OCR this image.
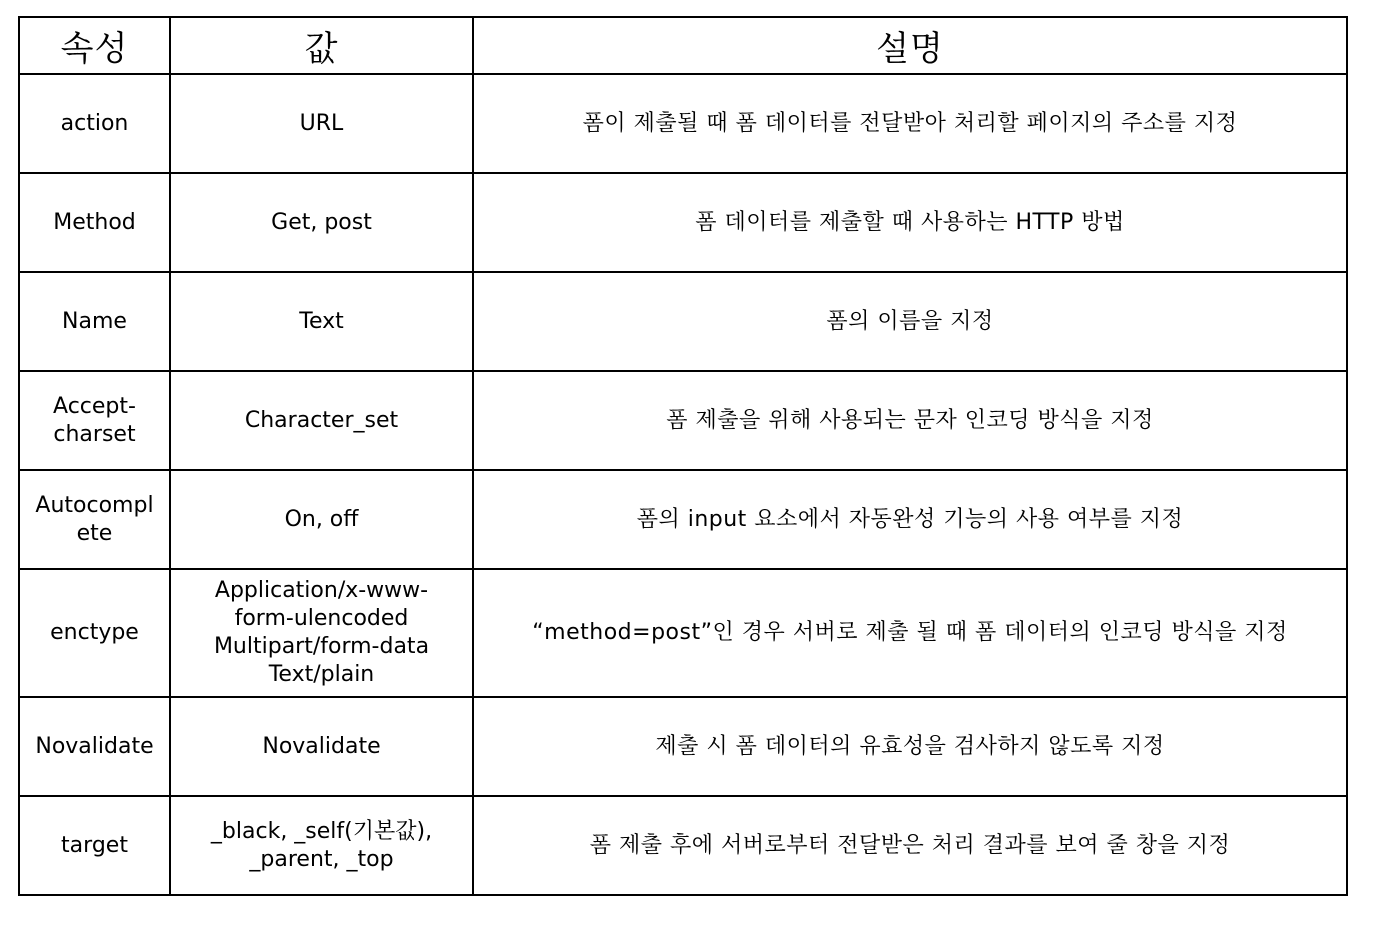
속성	값	설명

action	URL	폼이 제출될 때 폼 데이터를 전달받아 처리할 페이지의 주소를 지정

Method	Get, post	폼 데이터를 제출할 때 사용하는 HTTP 방법

Name	Text	폼의 이름을 지정

Accept-
charset	Character_set	폼 제출을 위해 사용되는 문자 인코딩 방식을 지정

Autocompl
ete	On, off	폼의 input 요소에서 자동완성 기능의 사용 여부를 지정

enctype	Application/x-www-
form-ulencoded
Multipart/form-data
Text/plain	“method=post”인 경우 서버로 제출 될 때 폼 데이터의 인코딩 방식을 지정

Novalidate	Novalidate	제출 시 폼 데이터의 유효성을 검사하지 않도록 지정

target	_black, _self(기본값),
_parent, _top	폼 제출 후에 서버로부터 전달받은 처리 결과를 보여 줄 창을 지정
